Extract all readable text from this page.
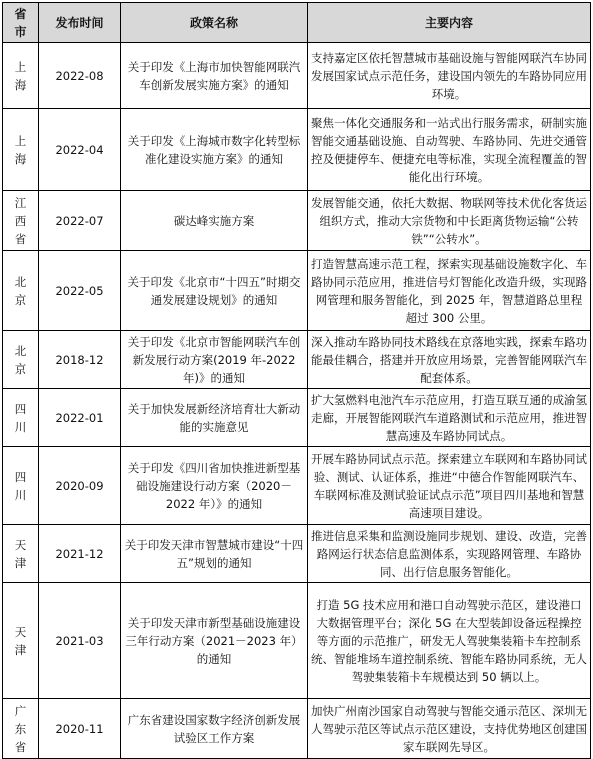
省市	发布时间	政策名称	主要内容

上海	2022-08	关于印发《上海市加快智能网联汽车创新发展实施方案》的通知	支持嘉定区依托智慧城市基础设施与智能网联汽车协同发展国家试点示范任务，建设国内领先的车路协同应用环境。

上海	2022-04	关于印发《上海城市数字化转型标准化建设实施方案》的通知	聚焦一体化交通服务和一站式出行服务需求，研制实施智能交通基础设施、自动驾驶、车路协同、先进交通管控及便捷停车、便捷充电等标准，实现全流程覆盖的智能化出行环境。

江西省	2022-07	碳达峰实施方案	发展智能交通，依托大数据、物联网等技术优化客货运组织方式，推动大宗货物和中长距离货物运输“公转铁”“公转水”。

北京	2022-05	关于印发《北京市“十四五”时期交通发展建设规划》的通知	打造智慧高速示范工程，探索实现基础设施数字化、车路协同示范应用，推进信号灯智能化改造升级，实现路网管理和服务智能化，到 2025 年，智慧道路总里程超过 300 公里。

北京	2018-12	关于印发《北京市智能网联汽车创新发展行动方案(2019 年-2022 年)》的通知	深入推动车路协同技术路线在京落地实践，探索车路功能最佳耦合，搭建并开放应用场景，完善智能网联汽车配套体系。

四川	2022-01	关于加快发展新经济培育壮大新动能的实施意见	扩大氢燃料电池汽车示范应用，打造互联互通的成渝氢走廊，开展智能网联汽车道路测试和示范应用，推进智慧高速及车路协同试点。

四川	2020-09	关于印发《四川省加快推进新型基础设施建设行动方案（2020－2022 年）》的通知	开展车路协同试点示范。探索建立车联网和车路协同试验、测试、认证体系，推进“中德合作智能网联汽车、车联网标准及测试验证试点示范”项目四川基地和智慧高速项目建设。

天津	2021-12	关于印发天津市智慧城市建设“十四五”规划的通知	推进信息采集和监测设施同步规划、建设、改造，完善路网运行状态信息监测体系，实现路网管理、车路协同、出行信息服务智能化。

天津	2021-03	关于印发天津市新型基础设施建设三年行动方案（2021－2023 年）的通知	打造 5G 技术应用和港口自动驾驶示范区，建设港口大数据管理平台；深化 5G 在大型装卸设备远程操控等方面的示范推广，研发无人驾驶集装箱卡车控制系统、智能堆场车道控制系统、智能车路协同系统，无人驾驶集装箱卡车规模达到 50 辆以上。

广东省	2020-11	广东省建设国家数字经济创新发展试验区工作方案	加快广州南沙国家自动驾驶与智能交通示范区、深圳无人驾驶示范区等试点示范区建设，支持优势地区创建国家车联网先导区。
